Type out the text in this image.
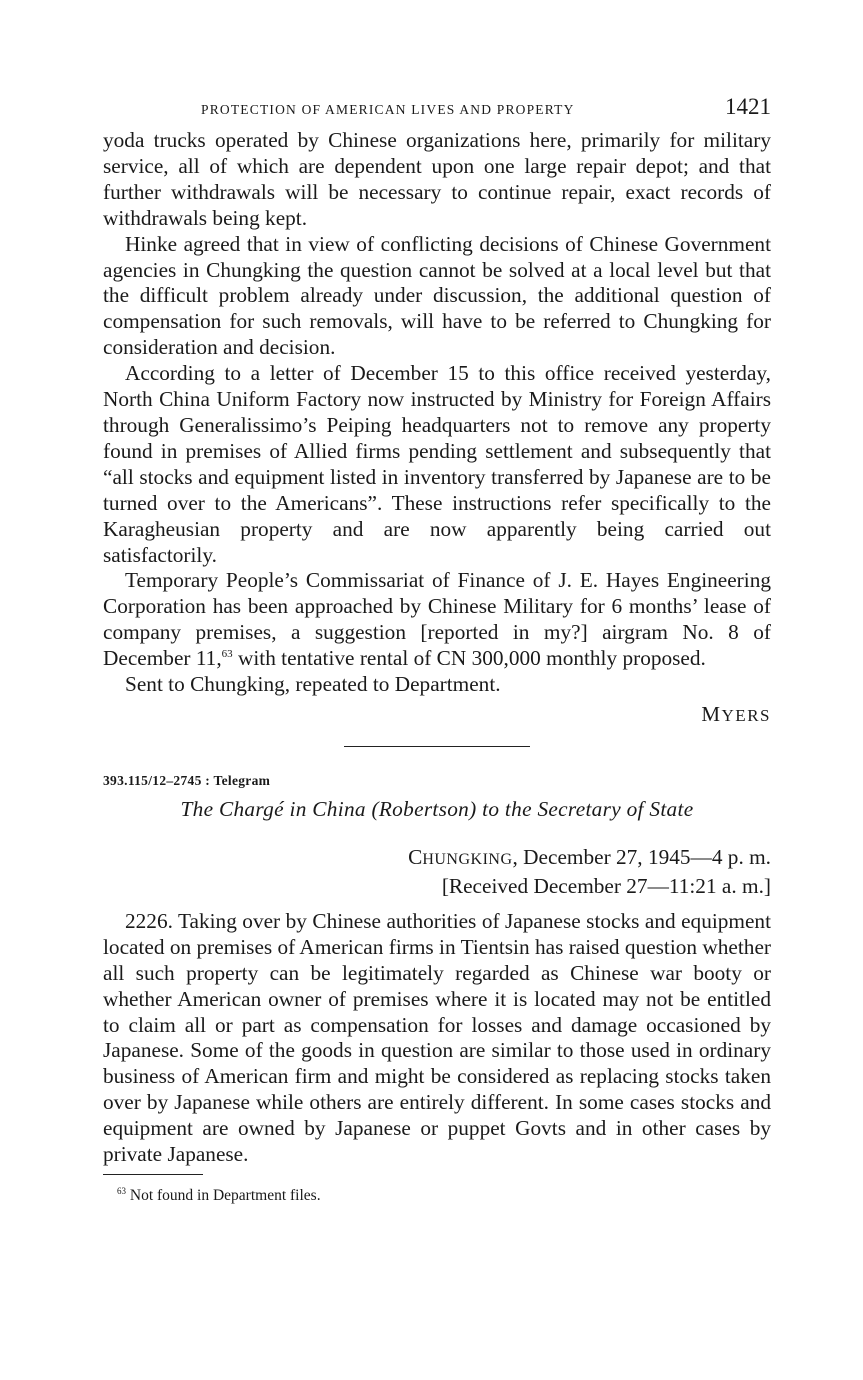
PROTECTION OF AMERICAN LIVES AND PROPERTY	1421

yoda trucks operated by Chinese organizations here, primarily for military service, all of which are dependent upon one large repair depot; and that further withdrawals will be necessary to continue repair, exact records of withdrawals being kept.

Hinke agreed that in view of conflicting decisions of Chinese Government agencies in Chungking the question cannot be solved at a local level but that the difficult problem already under discussion, the additional question of compensation for such removals, will have to be referred to Chungking for consideration and decision.

According to a letter of December 15 to this office received yesterday, North China Uniform Factory now instructed by Ministry for Foreign Affairs through Generalissimo’s Peiping headquarters not to remove any property found in premises of Allied firms pending settlement and subsequently that “all stocks and equipment listed in inventory transferred by Japanese are to be turned over to the Americans”. These instructions refer specifically to the Karagheusian property and are now apparently being carried out satisfactorily.

Temporary People’s Commissariat of Finance of J. E. Hayes Engineering Corporation has been approached by Chinese Military for 6 months’ lease of company premises, a suggestion [reported in my?] airgram No. 8 of December 11,63 with tentative rental of CN 300,000 monthly proposed.

Sent to Chungking, repeated to Department.

MYERS
393.115/12–2745 : Telegram
The Chargé in China (Robertson) to the Secretary of State
CHUNGKING, December 27, 1945—4 p. m.
[Received December 27—11:21 a. m.]

2226. Taking over by Chinese authorities of Japanese stocks and equipment located on premises of American firms in Tientsin has raised question whether all such property can be legitimately regarded as Chinese war booty or whether American owner of premises where it is located may not be entitled to claim all or part as compensation for losses and damage occasioned by Japanese. Some of the goods in question are similar to those used in ordinary business of American firm and might be considered as replacing stocks taken over by Japanese while others are entirely different. In some cases stocks and equipment are owned by Japanese or puppet Govts and in other cases by private Japanese.

$^{63}$ Not found in Department files.
